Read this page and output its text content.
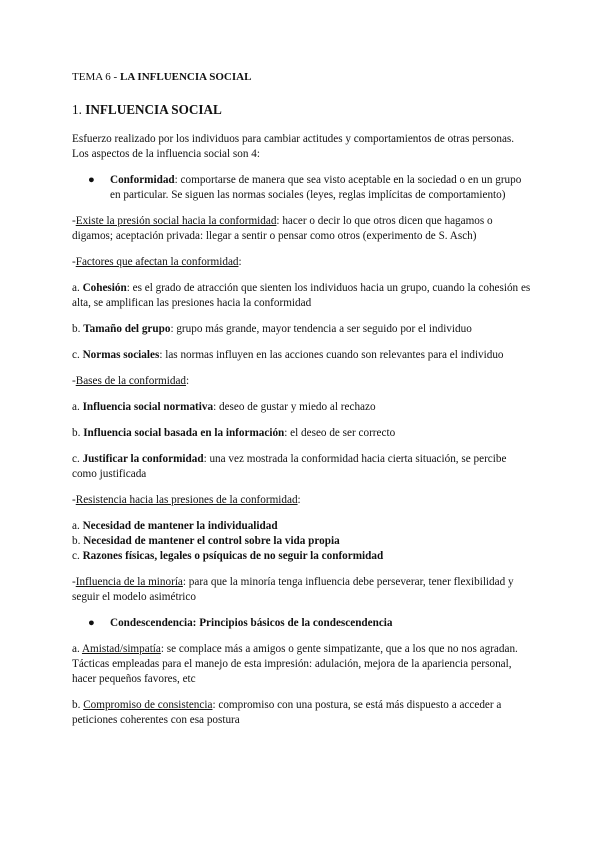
TEMA 6 - LA INFLUENCIA SOCIAL

1. INFLUENCIA SOCIAL

Esfuerzo realizado por los individuos para cambiar actitudes y comportamientos de otras personas. Los aspectos de la influencia social son 4:

● Conformidad: comportarse de manera que sea visto aceptable en la sociedad o en un grupo en particular. Se siguen las normas sociales (leyes, reglas implícitas de comportamiento)

-Existe la presión social hacia la conformidad: hacer o decir lo que otros dicen que hagamos o digamos; aceptación privada: llegar a sentir o pensar como otros (experimento de S. Asch)

-Factores que afectan la conformidad:

a. Cohesión: es el grado de atracción que sienten los individuos hacia un grupo, cuando la cohesión es alta, se amplifican las presiones hacia la conformidad

b. Tamaño del grupo: grupo más grande, mayor tendencia a ser seguido por el individuo

c. Normas sociales: las normas influyen en las acciones cuando son relevantes para el individuo

-Bases de la conformidad:

a. Influencia social normativa: deseo de gustar y miedo al rechazo

b. Influencia social basada en la información: el deseo de ser correcto

c. Justificar la conformidad: una vez mostrada la conformidad hacia cierta situación, se percibe como justificada

-Resistencia hacia las presiones de la conformidad:

a. Necesidad de mantener la individualidad

b. Necesidad de mantener el control sobre la vida propia

c. Razones físicas, legales o psíquicas de no seguir la conformidad

-Influencia de la minoría: para que la minoría tenga influencia debe perseverar, tener flexibilidad y seguir el modelo asimétrico

● Condescendencia: Principios básicos de la condescendencia

a. Amistad/simpatía: se complace más a amigos o gente simpatizante, que a los que no nos agradan. Tácticas empleadas para el manejo de esta impresión: adulación, mejora de la apariencia personal, hacer pequeños favores, etc

b. Compromiso de consistencia: compromiso con una postura, se está más dispuesto a acceder a peticiones coherentes con esa postura
